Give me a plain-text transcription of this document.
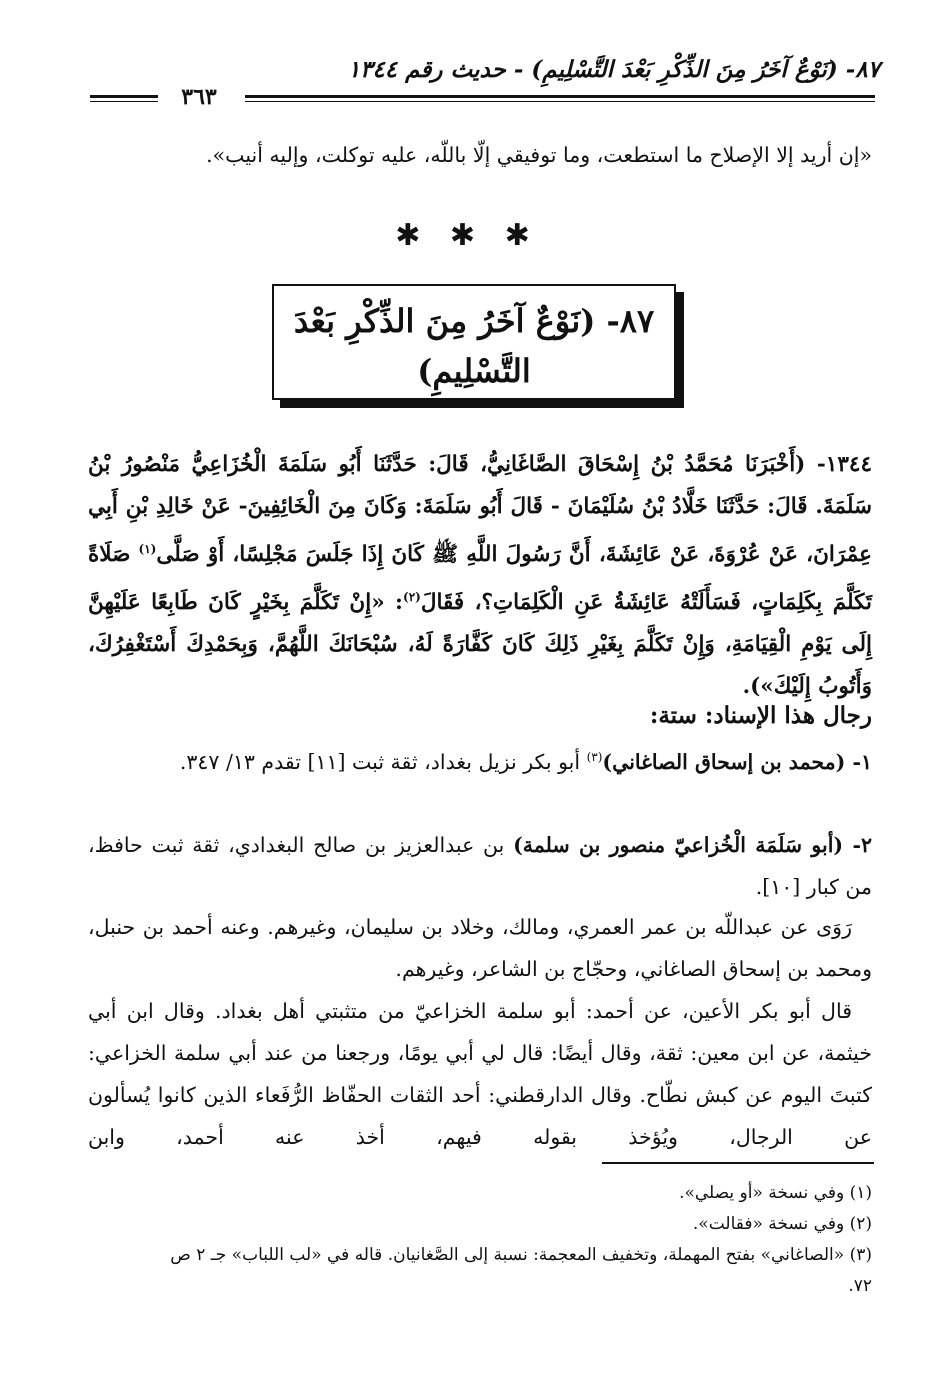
٨٧- (نَوْعٌ آخَرُ مِنَ الذِّكْرِ بَعْدَ التَّسْلِيمِ) - حديث رقم ١٣٤٤
٣٦٣

«إن أريد إلا الإصلاح ما استطعت، وما توفيقي إلّا باللّه، عليه توكلت، وإليه أنيب».

✱ ✱ ✱
٨٧- (نَوْعٌ آخَرُ مِنَ الذِّكْرِ بَعْدَ
التَّسْلِيمِ)

١٣٤٤- (أَخْبَرَنَا مُحَمَّدُ بْنُ إِسْحَاقَ الصَّاغَانِيُّ، قَالَ: حَدَّثَنَا أَبُو سَلَمَةَ الْخُزَاعِيُّ مَنْصُورُ بْنُ سَلَمَةَ. قَالَ: حَدَّثَنَا خَلَّادُ بْنُ سُلَيْمَانَ - قَالَ أَبُو سَلَمَةَ: وَكَانَ مِنَ الْخَائِفِينَ- عَنْ خَالِدِ بْنِ أَبِي عِمْرَانَ، عَنْ عُرْوَةَ، عَنْ عَائِشَةَ، أَنَّ رَسُولَ اللَّهِ ﷺ كَانَ إِذَا جَلَسَ مَجْلِسًا، أَوْ صَلَّى$^{(١)}$ صَلَاةً تَكَلَّمَ بِكَلِمَاتٍ، فَسَأَلَتْهُ عَائِشَةُ عَنِ الْكَلِمَاتِ؟، فَقَالَ$^{(٢)}$: «إِنْ تَكَلَّمَ بِخَيْرٍ كَانَ طَابِعًا عَلَيْهِنَّ إِلَى يَوْمِ الْقِيَامَةِ، وَإِنْ تَكَلَّمَ بِغَيْرِ ذَلِكَ كَانَ كَفَّارَةً لَهُ، سُبْحَانَكَ اللَّهُمَّ، وَبِحَمْدِكَ أَسْتَغْفِرُكَ، وَأَتُوبُ إِلَيْكَ»).

رجال هذا الإسناد: ستة:

١- (محمد بن إسحاق الصاغاني)$^{(٣)}$ أبو بكر نزيل بغداد، ثقة ثبت [١١] تقدم ١٣/ ٣٤٧.

٢- (أبو سَلَمَة الْخُزاعيّ منصور بن سلمة) بن عبدالعزيز بن صالح البغدادي، ثقة ثبت حافظ، من كبار [١٠].

رَوَى عن عبداللّه بن عمر العمري، ومالك، وخلاد بن سليمان، وغيرهم. وعنه أحمد بن حنبل، ومحمد بن إسحاق الصاغاني، وحجّاج بن الشاعر، وغيرهم.

قال أبو بكر الأعين، عن أحمد: أبو سلمة الخزاعيّ من متثبتي أهل بغداد. وقال ابن أبي خيثمة، عن ابن معين: ثقة، وقال أيضًا: قال لي أبي يومًا، ورجعنا من عند أبي سلمة الخزاعي: كتبتَ اليوم عن كبش نطّاح. وقال الدارقطني: أحد الثقات الحفّاظ الرُّفَعاء الذين كانوا يُسألون عن الرجال، ويُؤخذ بقوله فيهم، أخذ عنه أحمد، وابن

(١) وفي نسخة «أو يصلي».

(٢) وفي نسخة «فقالت».

(٣) «الصاغاني» بفتح المهملة، وتخفيف المعجمة: نسبة إلى الصَّغانيان. قاله في «لب اللباب» جـ ٢ ص ٧٢.
